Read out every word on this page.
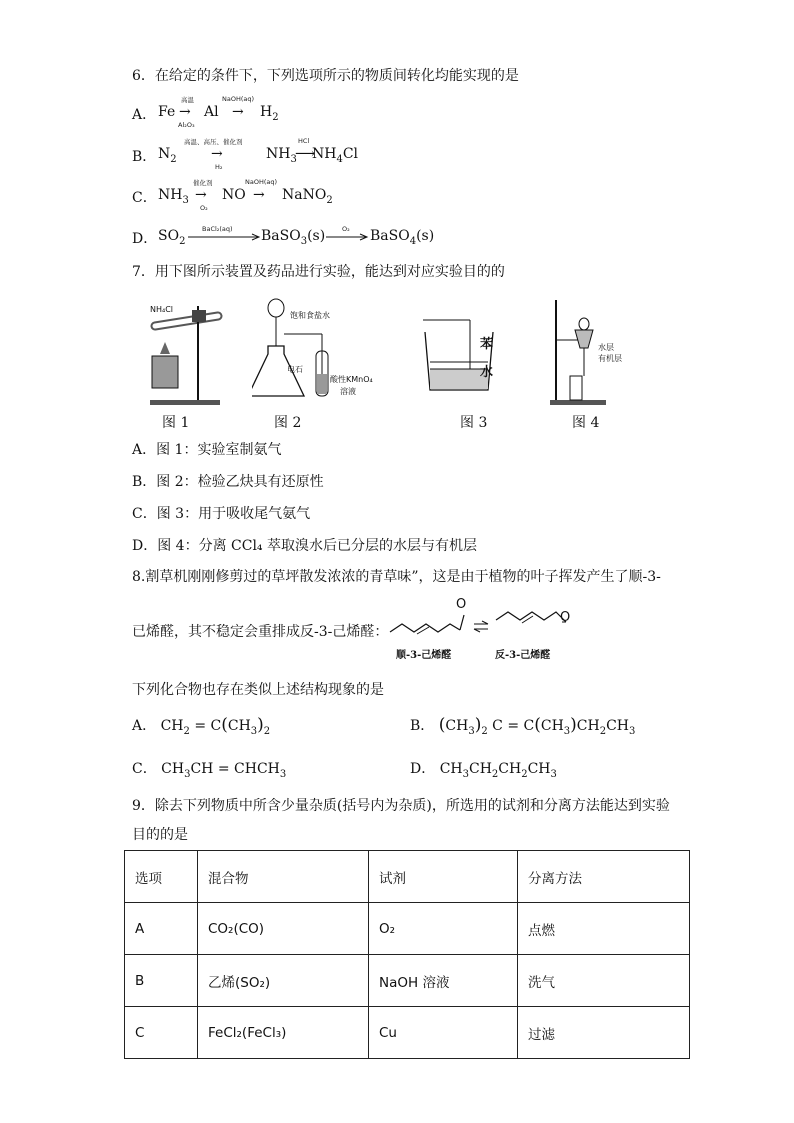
6．在给定的条件下，下列选项所示的物质间转化均能实现的是
A． Fe
高温
→
Al₂O₃
Al
NaOH(aq)
→ $H_2$
B． $N_2$
高温、高压、催化剂
→
H₂
$NH_3$
HCl
⟶
$NH_4Cl$
C． $NH_3$
催化剂
→
O₂
NO
NaOH(aq)
→ NaNO$_2$
D． $SO_2$
BaCl₂(aq) BaSO$_3$(s)	O₂ BaSO$_4$(s)
7．用下图所示装置及药品进行实验，能达到对应实验目的的
NH₄Cl
饱和食盐水
电石
酸性KMnO₄
溶液
苯
水
水层
有机层
图 1	图 2	图 3	图 4
A．图 1：实验室制氨气
B．图 2：检验乙炔具有还原性
C．图 3：用于吸收尾气氨气
D．图 4：分离 CCl₄ 萃取溴水后已分层的水层与有机层
8.割草机刚刚修剪过的草坪散发浓浓的青草味”，这是由于植物的叶子挥发产生了顺-3-
已烯醛，其不稳定会重排成反-3-己烯醛：
O
O
顺-3-己烯醛	反-3-己烯醛
下列化合物也存在类似上述结构现象的是
A． $CH_2 = C(CH_3)_2$	B． $(CH_3)_2$ $C = C(CH_3)CH_2CH_3$
C． $CH_3CH$ = $CHCH_3$	D． $CH_3CH_2CH_2CH_3$
9．除去下列物质中所含少量杂质(括号内为杂质)，所选用的试剂和分离方法能达到实验
目的的是
选项	混合物	试剂	分离方法
A	CO₂(CO)	O₂	点燃
B	乙烯(SO₂)	NaOH 溶液	洗气
C	FeCl₂(FeCl₃)	Cu	过滤
